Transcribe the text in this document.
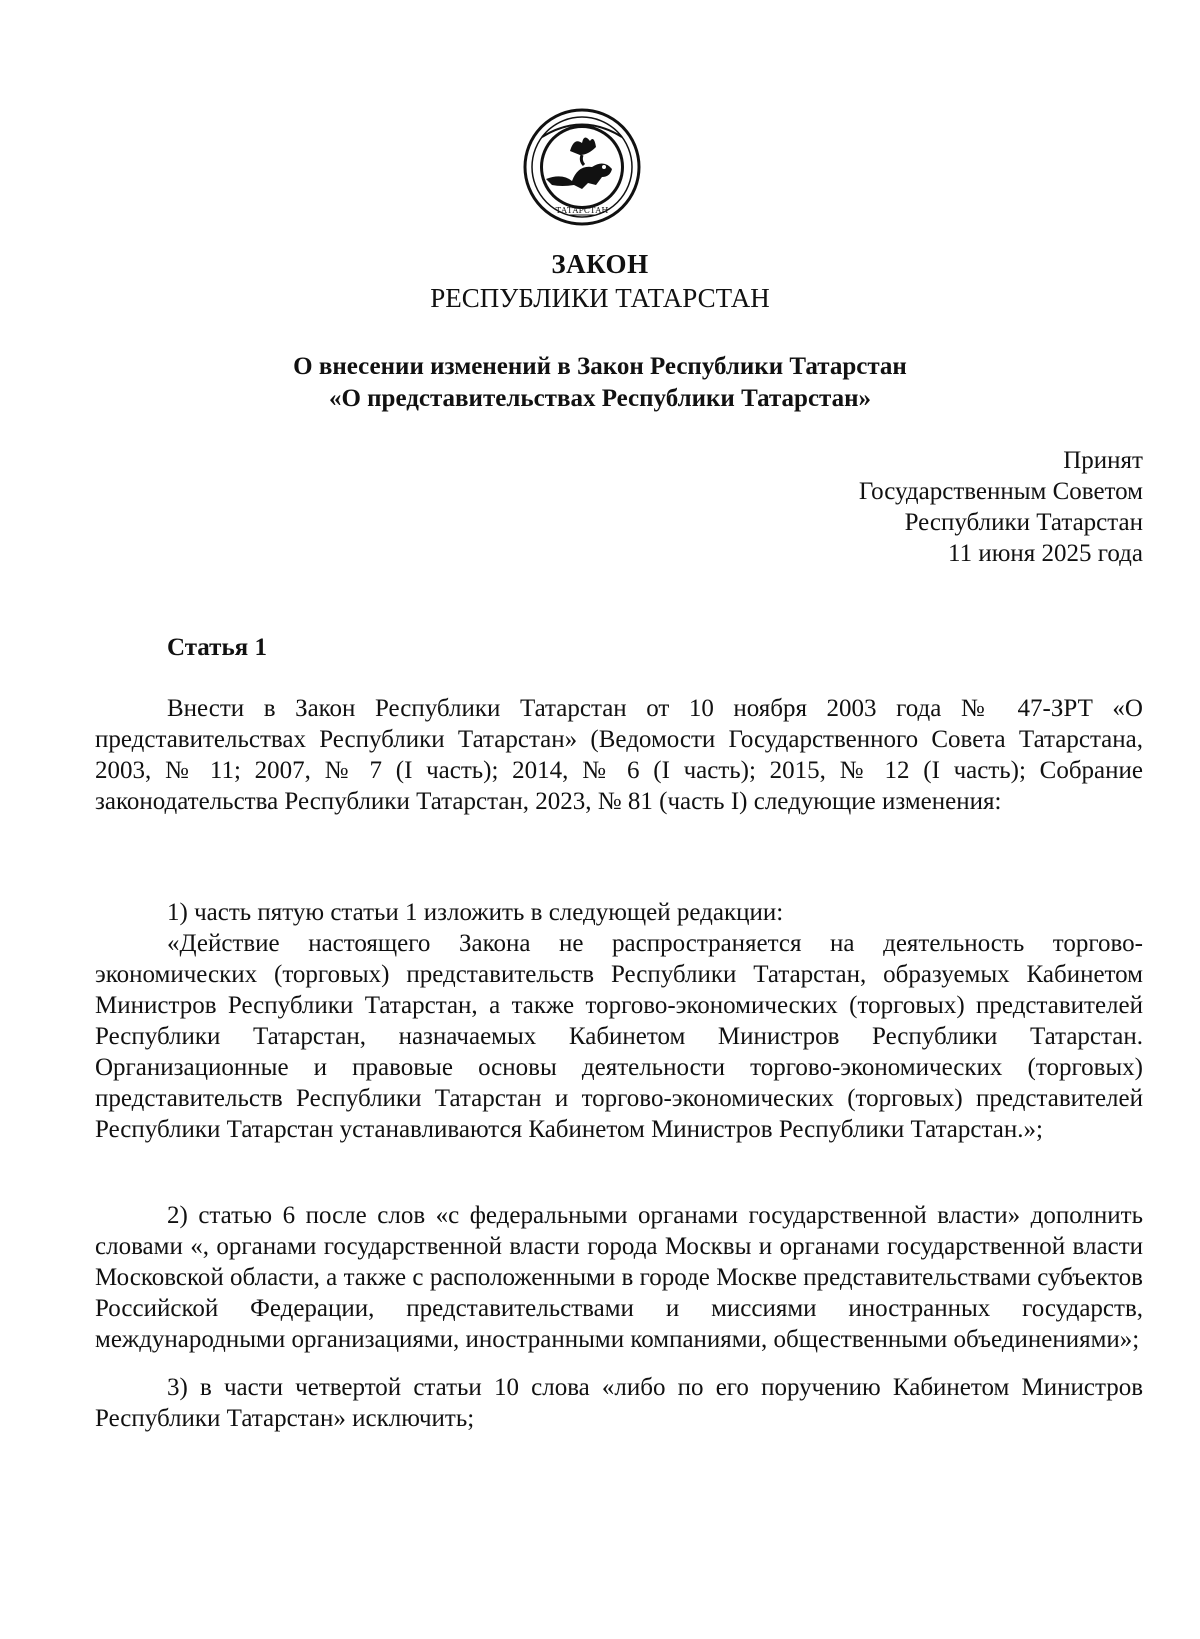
ТАТАРСТАН
ЗАКОН
РЕСПУБЛИКИ ТАТАРСТАН
О внесении изменений в Закон Республики Татарстан
«О представительствах Республики Татарстан»
Принят
Государственным Советом
Республики Татарстан
11 июня 2025 года
Статья 1

Внести в Закон Республики Татарстан от 10 ноября 2003 года № 47-ЗРТ «О представительствах Республики Татарстан» (Ведомости Государственного Совета Татарстана, 2003, № 11; 2007, № 7 (I часть); 2014, № 6 (I часть); 2015, № 12 (I часть); Собрание законодательства Республики Татарстан, 2023, № 81 (часть I) следующие изменения:

1) часть пятую статьи 1 изложить в следующей редакции:

«Действие настоящего Закона не распространяется на деятельность торгово-экономических (торговых) представительств Республики Татарстан, образуемых Кабинетом Министров Республики Татарстан, а также торгово-экономических (торговых) представителей Республики Татарстан, назначаемых Кабинетом Министров Республики Татарстан. Организационные и правовые основы деятельности торгово-экономических (торговых) представительств Республики Татарстан и торгово-экономических (торговых) представителей Республики Татарстан устанавливаются Кабинетом Министров Республики Татарстан.»;

2) статью 6 после слов «с федеральными органами государственной власти» дополнить словами «, органами государственной власти города Москвы и органами государственной власти Московской области, а также с расположенными в городе Москве представительствами субъектов Российской Федерации, представительствами и миссиями иностранных государств, международными организациями, иностранными компаниями, общественными объединениями»;

3) в части четвертой статьи 10 слова «либо по его поручению Кабинетом Министров Республики Татарстан» исключить;
